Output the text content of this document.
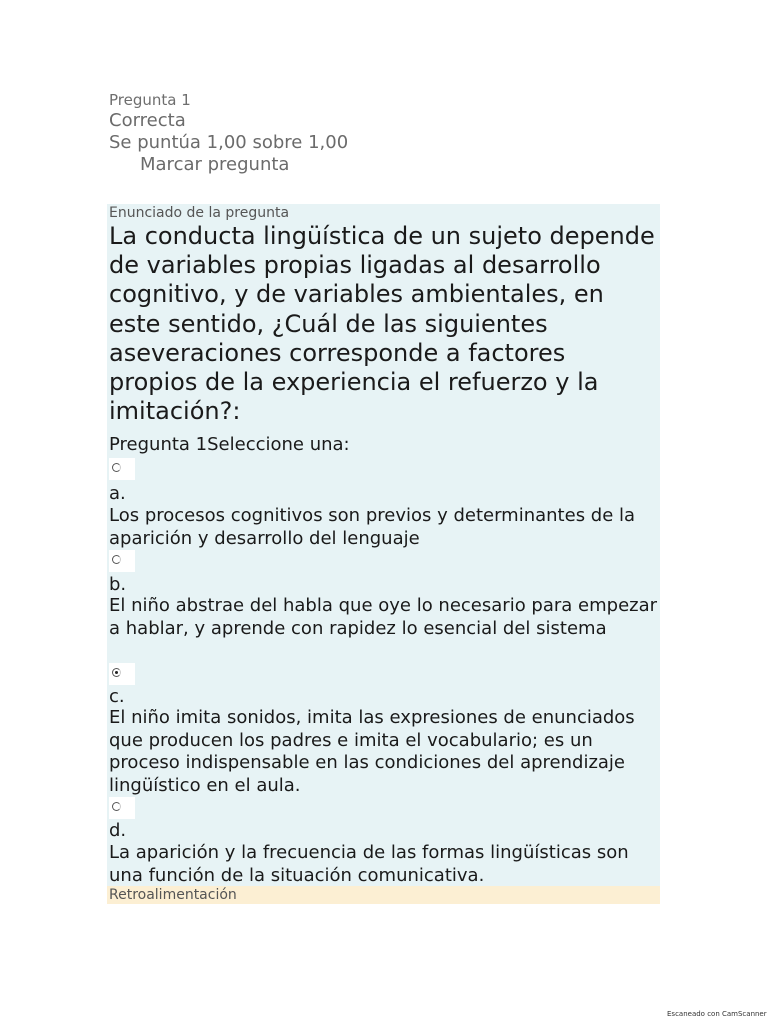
Pregunta 1
Correcta
Se puntúa 1,00 sobre 1,00
Marcar pregunta
Enunciado de la pregunta

La conducta lingüística de un sujeto depende de variables propias ligadas al desarrollo cognitivo, y de variables ambientales, en este sentido, ¿Cuál de las siguientes aseveraciones corresponde a factores propios de la experiencia el refuerzo y la imitación?:

Pregunta 1Seleccione una:
a.
Los procesos cognitivos son previos y determinantes de la aparición y desarrollo del lenguaje
b.
El niño abstrae del habla que oye lo necesario para empezar a hablar, y aprende con rapidez lo esencial del sistema
c.
El niño imita sonidos, imita las expresiones de enunciados que producen los padres e imita el vocabulario; es un proceso indispensable en las condiciones del aprendizaje lingüístico en el aula.
d.
La aparición y la frecuencia de las formas lingüísticas son una función de la situación comunicativa.
Retroalimentación
Escaneado con CamScanner
